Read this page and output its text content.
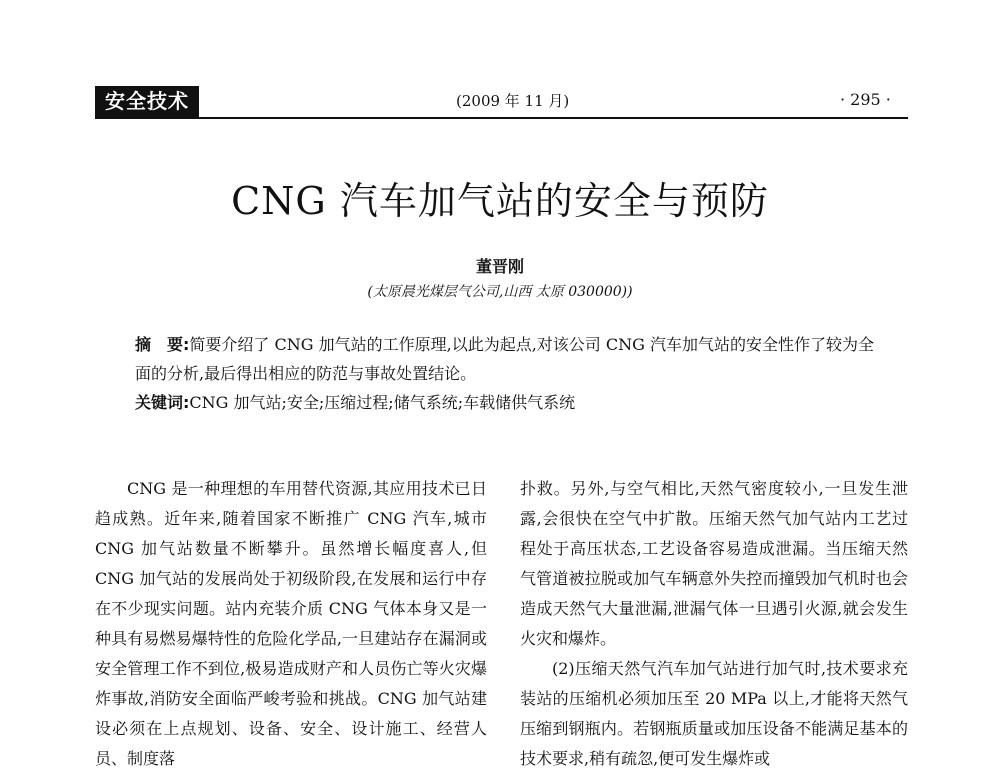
安全技术	(2009 年 11 月)	· 295 ·
CNG 汽车加气站的安全与预防
董晋刚
(太原晨光煤层气公司,山西 太原 030000))
摘　要:简要介绍了 CNG 加气站的工作原理,以此为起点,对该公司 CNG 汽车加气站的安全性作了较为全面的分析,最后得出相应的防范与事故处置结论。
关键词:CNG 加气站;安全;压缩过程;储气系统;车载储供气系统

CNG 是一种理想的车用替代资源,其应用技术已日趋成熟。近年来,随着国家不断推广 CNG 汽车,城市 CNG 加气站数量不断攀升。虽然增长幅度喜人,但 CNG 加气站的发展尚处于初级阶段,在发展和运行中存在不少现实问题。站内充装介质 CNG 气体本身又是一种具有易燃易爆特性的危险化学品,一旦建站存在漏洞或安全管理工作不到位,极易造成财产和人员伤亡等火灾爆炸事故,消防安全面临严峻考验和挑战。CNG 加气站建设必须在上点规划、设备、安全、设计施工、经营人员、制度落

扑救。另外,与空气相比,天然气密度较小,一旦发生泄露,会很快在空气中扩散。压缩天然气加气站内工艺过程处于高压状态,工艺设备容易造成泄漏。当压缩天然气管道被拉脱或加气车辆意外失控而撞毁加气机时也会造成天然气大量泄漏,泄漏气体一旦遇引火源,就会发生火灾和爆炸。

(2)压缩天然气汽车加气站进行加气时,技术要求充装站的压缩机必须加压至 20 MPa 以上,才能将天然气压缩到钢瓶内。若钢瓶质量或加压设备不能满足基本的技术要求,稍有疏忽,便可发生爆炸或
